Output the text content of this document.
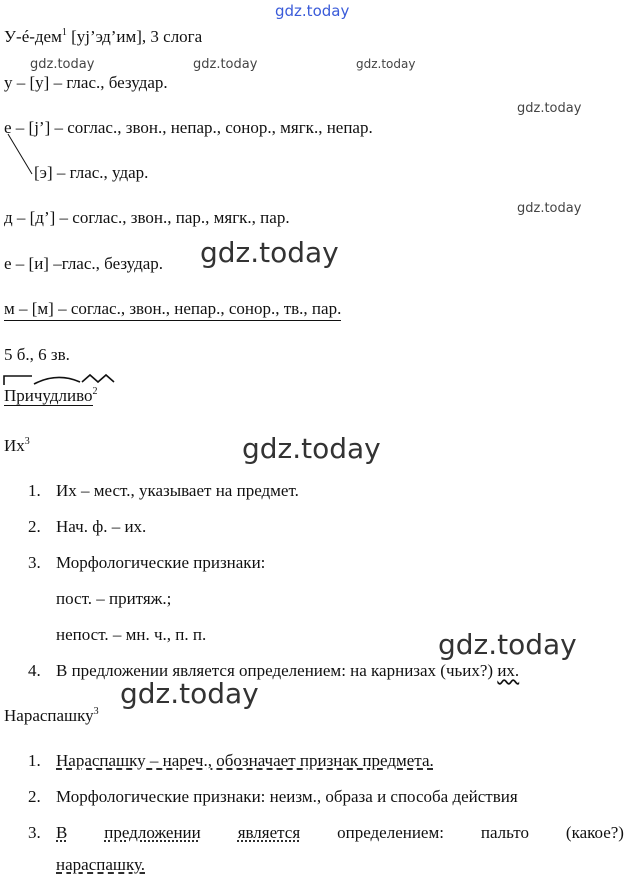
gdz.today
gdz.today	gdz.today	gdz.today
gdz.today
gdz.today
gdz.today
gdz.today
gdz.today
gdz.today
У-é-дем$^1$ [уj’эд’им], 3 слога
у – [у] – глас., безудар.
е – [j’] – соглас., звон., непар., сонор., мягк., непар.
[э] – глас., удар.
д – [д’] – соглас., звон., пар., мягк., пар.
е – [и] –глас., безудар.
м – [м] – соглас., звон., непар., сонор., тв., пар.
5 б., 6 зв.
Причудливо$^2$
$Их^3$
1. Их – мест., указывает на предмет.
2. Нач. ф. – их.
3. Морфологические признаки:
пост. – притяж.;
непост. – мн. ч., п. п.
4. В предложении является определением: на карнизах (чьих?) их.
Нараспашку$^3$
1. Нараспашку – нареч., обозначает признак предмета.
2. Морфологические признаки: неизм., образа и способа действия
3. В предложении является определением: пальто (какое?)
нараспашку.
